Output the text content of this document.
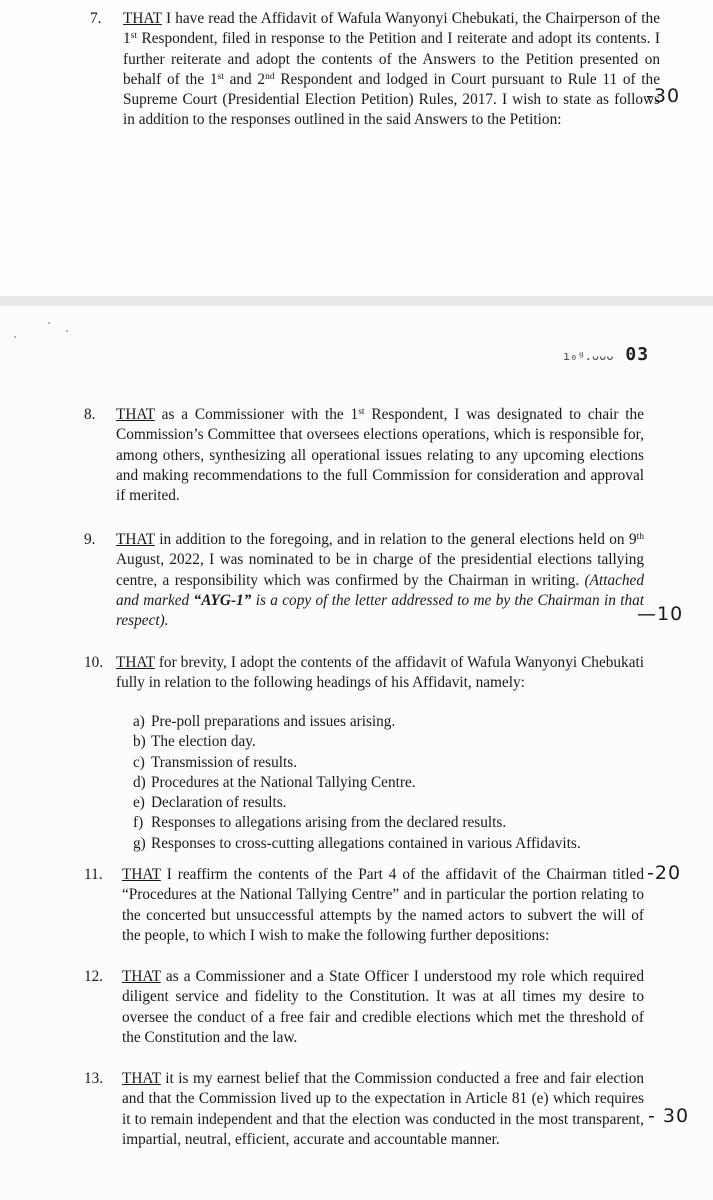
7. THAT I have read the Affidavit of Wafula Wanyonyi Chebukati, the Chairperson of the 1st Respondent, filed in response to the Petition and I reiterate and adopt its contents. I further reiterate and adopt the contents of the Answers to the Petition presented on behalf of the 1st and 2nd Respondent and lodged in Court pursuant to Rule 11 of the Supreme Court (Presidential Election Petition) Rules, 2017. I wish to state as follows in addition to the responses outlined in the said Answers to the Petition:
-30
ı₀ᵍ.ᴗᴗᴗ 03
8. THAT as a Commissioner with the 1st Respondent, I was designated to chair the Commission’s Committee that oversees elections operations, which is responsible for, among others, synthesizing all operational issues relating to any upcoming elections and making recommendations to the full Commission for consideration and approval if merited.
9. THAT in addition to the foregoing, and in relation to the general elections held on 9th August, 2022, I was nominated to be in charge of the presidential elections tallying centre, a responsibility which was confirmed by the Chairman in writing. (Attached and marked “AYG-1” is a copy of the letter addressed to me by the Chairman in that respect).	—10
10. THAT for brevity, I adopt the contents of the affidavit of Wafula Wanyonyi Chebukati fully in relation to the following headings of his Affidavit, namely:
a) Pre-poll preparations and issues arising.
b) The election day.
c) Transmission of results.
d) Procedures at the National Tallying Centre.
e) Declaration of results.
f) Responses to allegations arising from the declared results.
g) Responses to cross-cutting allegations contained in various Affidavits.
11. THAT I reaffirm the contents of the Part 4 of the affidavit of the Chairman titled “Procedures at the National Tallying Centre” and in particular the portion relating to the concerted but unsuccessful attempts by the named actors to subvert the will of the people, to which I wish to make the following further depositions:
-20
12. THAT as a Commissioner and a State Officer I understood my role which required diligent service and fidelity to the Constitution. It was at all times my desire to oversee the conduct of a free fair and credible elections which met the threshold of the Constitution and the law.
13. THAT it is my earnest belief that the Commission conducted a free and fair election and that the Commission lived up to the expectation in Article 81 (e) which requires it to remain independent and that the election was conducted in the most transparent, impartial, neutral, efficient, accurate and accountable manner.
- 30
